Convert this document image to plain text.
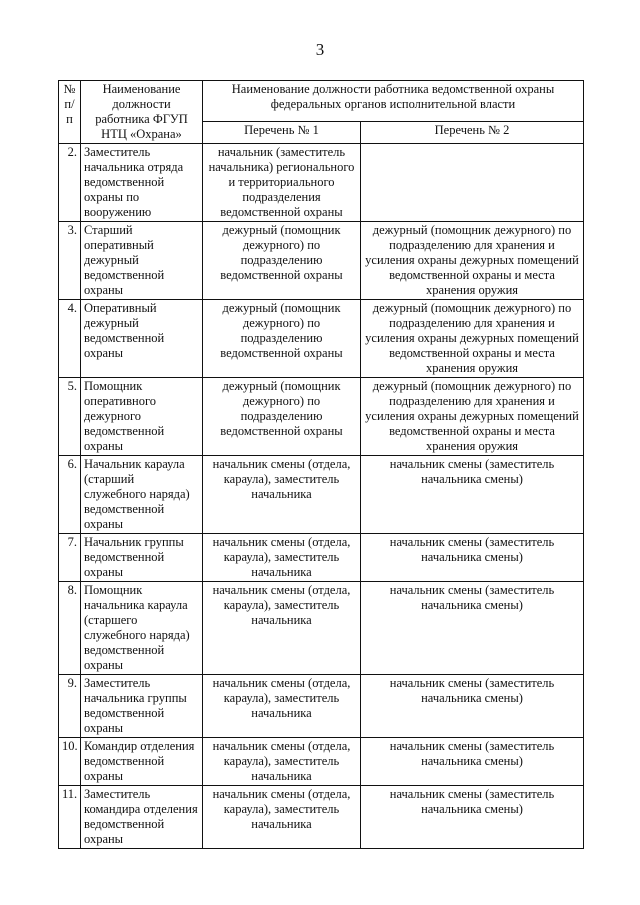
3
№ п/п	Наименование должности работника ФГУП НТЦ «Охрана»	Наименование должности работника ведомственной охраны федеральных органов исполнительной власти	
		Перечень № 1	Перечень № 2
2.	Заместитель начальника отряда ведомственной охраны по вооружению	начальник (заместитель начальника) регионального и территориального подразделения ведомственной охраны	
3.	Старший оперативный дежурный ведомственной охраны	дежурный (помощник дежурного) по подразделению ведомственной охраны	дежурный (помощник дежурного) по подразделению для хранения и усиления охраны дежурных помещений ведомственной охраны и места хранения оружия
4.	Оперативный дежурный ведомственной охраны	дежурный (помощник дежурного) по подразделению ведомственной охраны	дежурный (помощник дежурного) по подразделению для хранения и усиления охраны дежурных помещений ведомственной охраны и места хранения оружия
5.	Помощник оперативного дежурного ведомственной охраны	дежурный (помощник дежурного) по подразделению ведомственной охраны	дежурный (помощник дежурного) по подразделению для хранения и усиления охраны дежурных помещений ведомственной охраны и места хранения оружия
6.	Начальник караула (старший служебного наряда) ведомственной охраны	начальник смены (отдела, караула), заместитель начальника	начальник смены (заместитель начальника смены)
7.	Начальник группы ведомственной охраны	начальник смены (отдела, караула), заместитель начальника	начальник смены (заместитель начальника смены)
8.	Помощник начальника караула (старшего служебного наряда) ведомственной охраны	начальник смены (отдела, караула), заместитель начальника	начальник смены (заместитель начальника смены)
9.	Заместитель начальника группы ведомственной охраны	начальник смены (отдела, караула), заместитель начальника	начальник смены (заместитель начальника смены)
10.	Командир отделения ведомственной охраны	начальник смены (отдела, караула), заместитель начальника	начальник смены (заместитель начальника смены)
11.	Заместитель командира отделения ведомственной охраны	начальник смены (отдела, караула), заместитель начальника	начальник смены (заместитель начальника смены)
